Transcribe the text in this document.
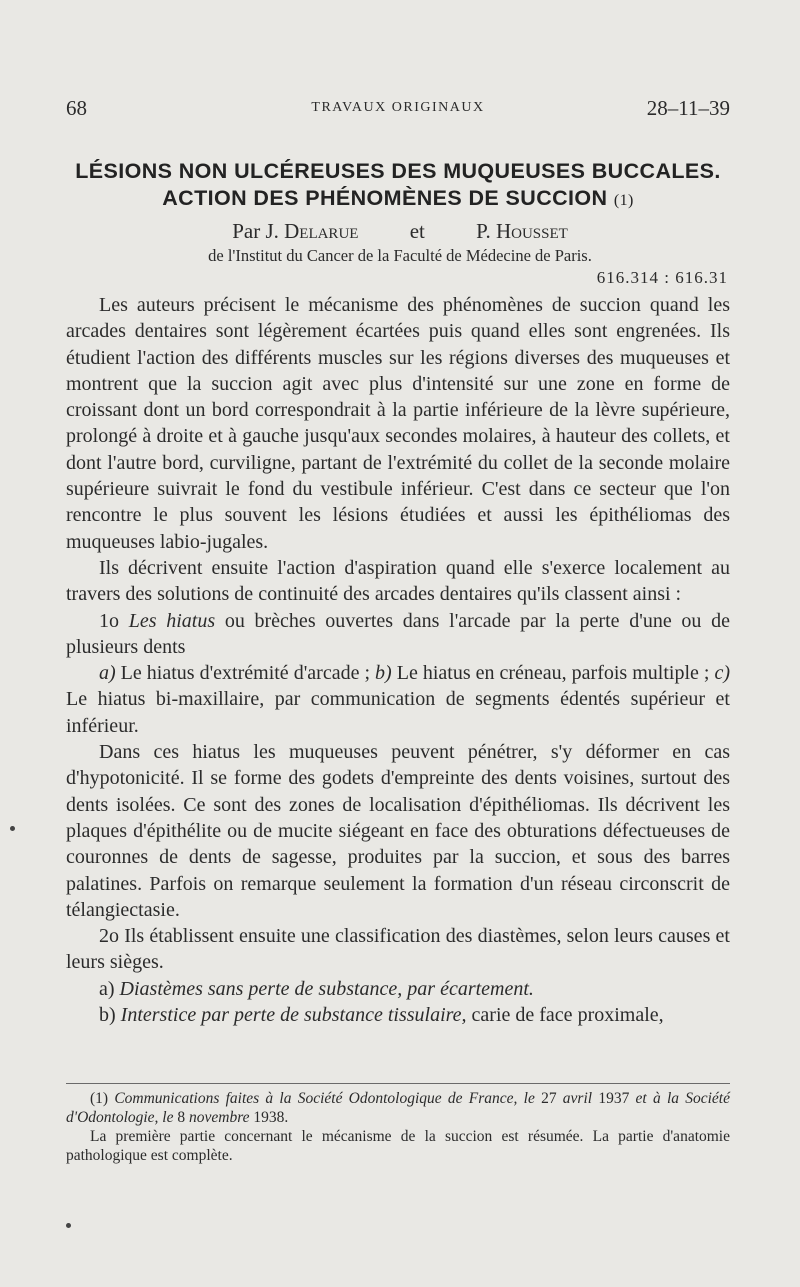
68	TRAVAUX ORIGINAUX	28–11–39
LÉSIONS NON ULCÉREUSES DES MUQUEUSES BUCCALES.
ACTION DES PHÉNOMÈNES DE SUCCION (1)
Par J. Delarue et P. Housset
de l'Institut du Cancer de la Faculté de Médecine de Paris.
616.314 : 616.31

Les auteurs précisent le mécanisme des phénomènes de succion quand les arcades dentaires sont légèrement écartées puis quand elles sont engrenées. Ils étudient l'action des différents muscles sur les régions diverses des muqueuses et montrent que la succion agit avec plus d'intensité sur une zone en forme de croissant dont un bord correspondrait à la partie inférieure de la lèvre supérieure, prolongé à droite et à gauche jusqu'aux secondes molaires, à hauteur des collets, et dont l'autre bord, curviligne, partant de l'extrémité du collet de la seconde molaire supérieure suivrait le fond du vestibule inférieur. C'est dans ce secteur que l'on rencontre le plus souvent les lésions étudiées et aussi les épithéliomas des muqueuses labio-jugales.

Ils décrivent ensuite l'action d'aspiration quand elle s'exerce localement au travers des solutions de continuité des arcades dentaires qu'ils classent ainsi :

1o Les hiatus ou brèches ouvertes dans l'arcade par la perte d'une ou de plusieurs dents

a) Le hiatus d'extrémité d'arcade ; b) Le hiatus en créneau, parfois multiple ; c) Le hiatus bi-maxillaire, par communication de segments édentés supérieur et inférieur.

Dans ces hiatus les muqueuses peuvent pénétrer, s'y déformer en cas d'hypotonicité. Il se forme des godets d'empreinte des dents voisines, surtout des dents isolées. Ce sont des zones de localisation d'épithéliomas. Ils décrivent les plaques d'épithélite ou de mucite siégeant en face des obturations défectueuses de couronnes de dents de sagesse, produites par la succion, et sous des barres palatines. Parfois on remarque seulement la formation d'un réseau circonscrit de télangiectasie.

2o Ils établissent ensuite une classification des diastèmes, selon leurs causes et leurs sièges.

a) Diastèmes sans perte de substance, par écartement.

b) Interstice par perte de substance tissulaire, carie de face proximale,

(1) Communications faites à la Société Odontologique de France, le 27 avril 1937 et à la Société d'Odontologie, le 8 novembre 1938.

La première partie concernant le mécanisme de la succion est résumée. La partie d'anatomie pathologique est complète.
